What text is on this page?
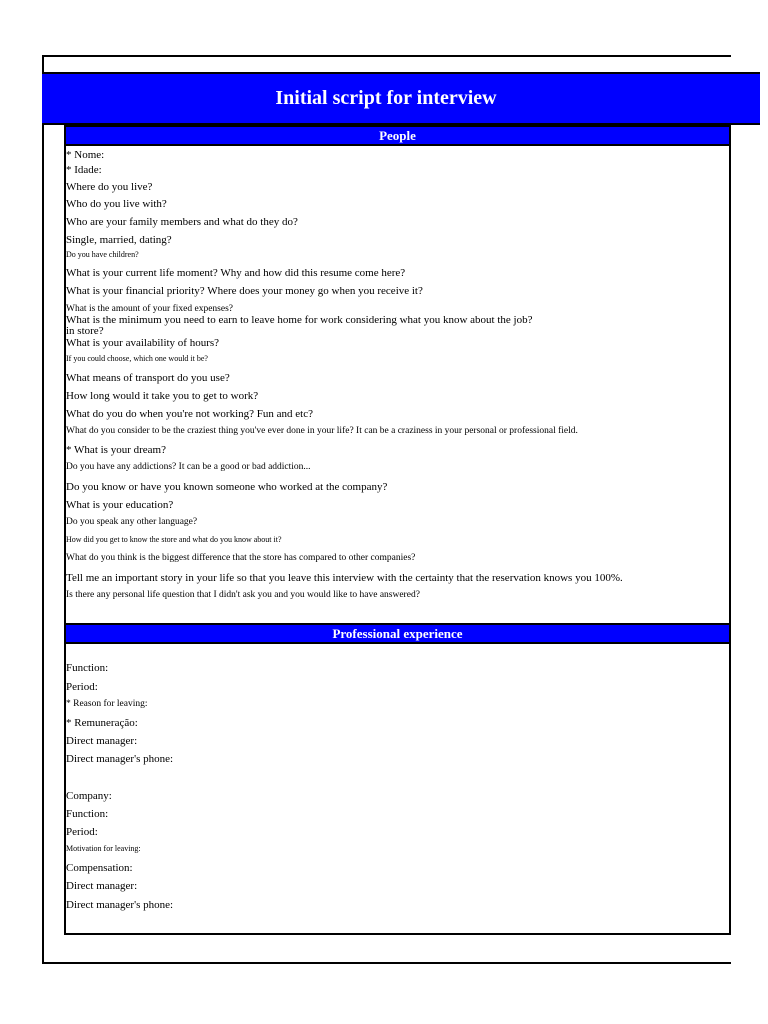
Initial script for interview
People
* Nome:
* Idade:
Where do you live?
Who do you live with?
Who are your family members and what do they do?
Single, married, dating?
Do you have children?
What is your current life moment? Why and how did this resume come here?
What is your financial priority? Where does your money go when you receive it?
What is the amount of your fixed expenses?
What is the minimum you need to earn to leave home for work considering what you know about the job?
in store?
What is your availability of hours?
If you could choose, which one would it be?
What means of transport do you use?
How long would it take you to get to work?
What do you do when you're not working? Fun and etc?
What do you consider to be the craziest thing you've ever done in your life? It can be a craziness in your personal or professional field.
* What is your dream?
Do you have any addictions? It can be a good or bad addiction...
Do you know or have you known someone who worked at the company?
What is your education?
Do you speak any other language?
How did you get to know the store and what do you know about it?
What do you think is the biggest difference that the store has compared to other companies?
Tell me an important story in your life so that you leave this interview with the certainty that the reservation knows you 100%.
Is there any personal life question that I didn't ask you and you would like to have answered?
Professional experience
Function:
Period:
* Reason for leaving:
* Remuneração:
Direct manager:
Direct manager's phone:
Company:
Function:
Period:
Motivation for leaving:
Compensation:
Direct manager:
Direct manager's phone:
